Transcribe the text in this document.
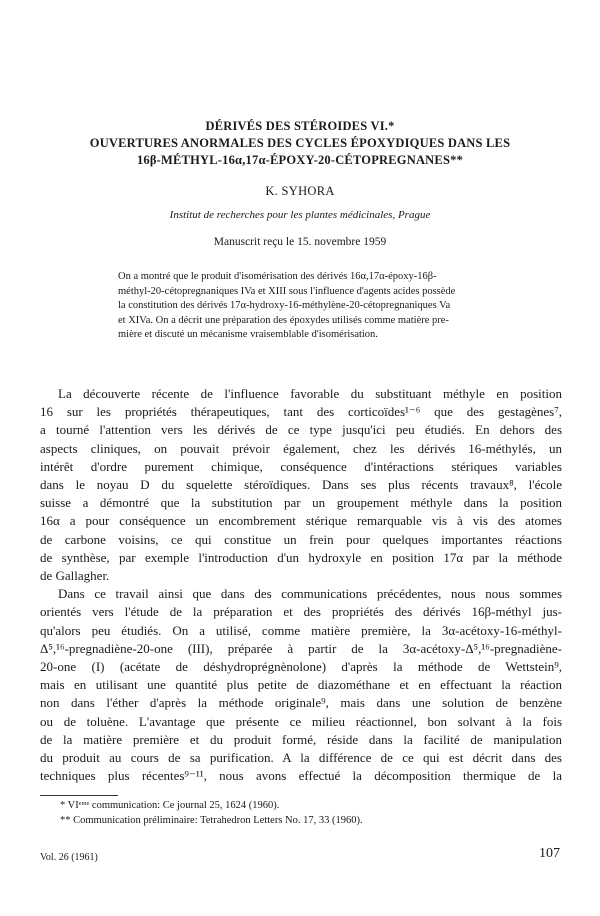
DÉRIVÉS DES STÉROIDES VI.*
OUVERTURES ANORMALES DES CYCLES ÉPOXYDIQUES DANS LES
16β-MÉTHYL-16α,17α-ÉPOXY-20-CÉTOPREGNANES**
K. SYHORA
Institut de recherches pour les plantes médicinales, Prague
Manuscrit reçu le 15. novembre 1959
On a montré que le produit d'isomérisation des dérivés 16α,17α-époxy-16β-
méthyl-20-cétopregnaniques IVa et XIII sous l'influence d'agents acides possède
la constitution des dérivés 17α-hydroxy-16-méthylène-20-cétopregnaniques Va
et XIVa. On a décrit une préparation des époxydes utilisés comme matière pre-
mière et discuté un mécanisme vraisemblable d'isomérisation.
La découverte récente de l'influence favorable du substituant méthyle en position
16 sur les propriétés thérapeutiques, tant des corticoïdes¹⁻⁶ que des gestagènes⁷,
a tourné l'attention vers les dérivés de ce type jusqu'ici peu étudiés. En dehors des
aspects cliniques, on pouvait prévoir également, chez les dérivés 16-méthylés, un
intérêt d'ordre purement chimique, conséquence d'intéractions stériques variables
dans le noyau D du squelette stéroïdiques. Dans ses plus récents travaux⁸, l'école
suisse a démontré que la substitution par un groupement méthyle dans la position
16α a pour conséquence un encombrement stérique remarquable vis à vis des atomes
de carbone voisins, ce qui constitue un frein pour quelques importantes réactions
de synthèse, par exemple l'introduction d'un hydroxyle en position 17α par la méthode
de Gallagher.
Dans ce travail ainsi que dans des communications précédentes, nous nous sommes
orientés vers l'étude de la préparation et des propriétés des dérivés 16β-méthyl jus-
qu'alors peu étudiés. On a utilisé, comme matière première, la 3α-acétoxy-16-méthyl-
Δ⁵,¹⁶-pregnadiène-20-one (III), préparée à partir de la 3α-acétoxy-Δ⁵,¹⁶-pregnadiène-
20-one (I) (acétate de déshydroprégnènolone) d'après la méthode de Wettstein⁹,
mais en utilisant une quantité plus petite de diazométhane et en effectuant la réaction
non dans l'éther d'après la méthode originale⁹, mais dans une solution de benzène
ou de toluène. L'avantage que présente ce milieu réactionnel, bon solvant à la fois
de la matière première et du produit formé, réside dans la facilité de manipulation
du produit au cours de sa purification. A la différence de ce qui est décrit dans des
techniques plus récentes⁹⁻¹¹, nous avons effectué la décomposition thermique de la
* VIᵉᵐᵉ communication: Ce journal 25, 1624 (1960).
** Communication préliminaire: Tetrahedron Letters No. 17, 33 (1960).
Vol. 26 (1961)	107
